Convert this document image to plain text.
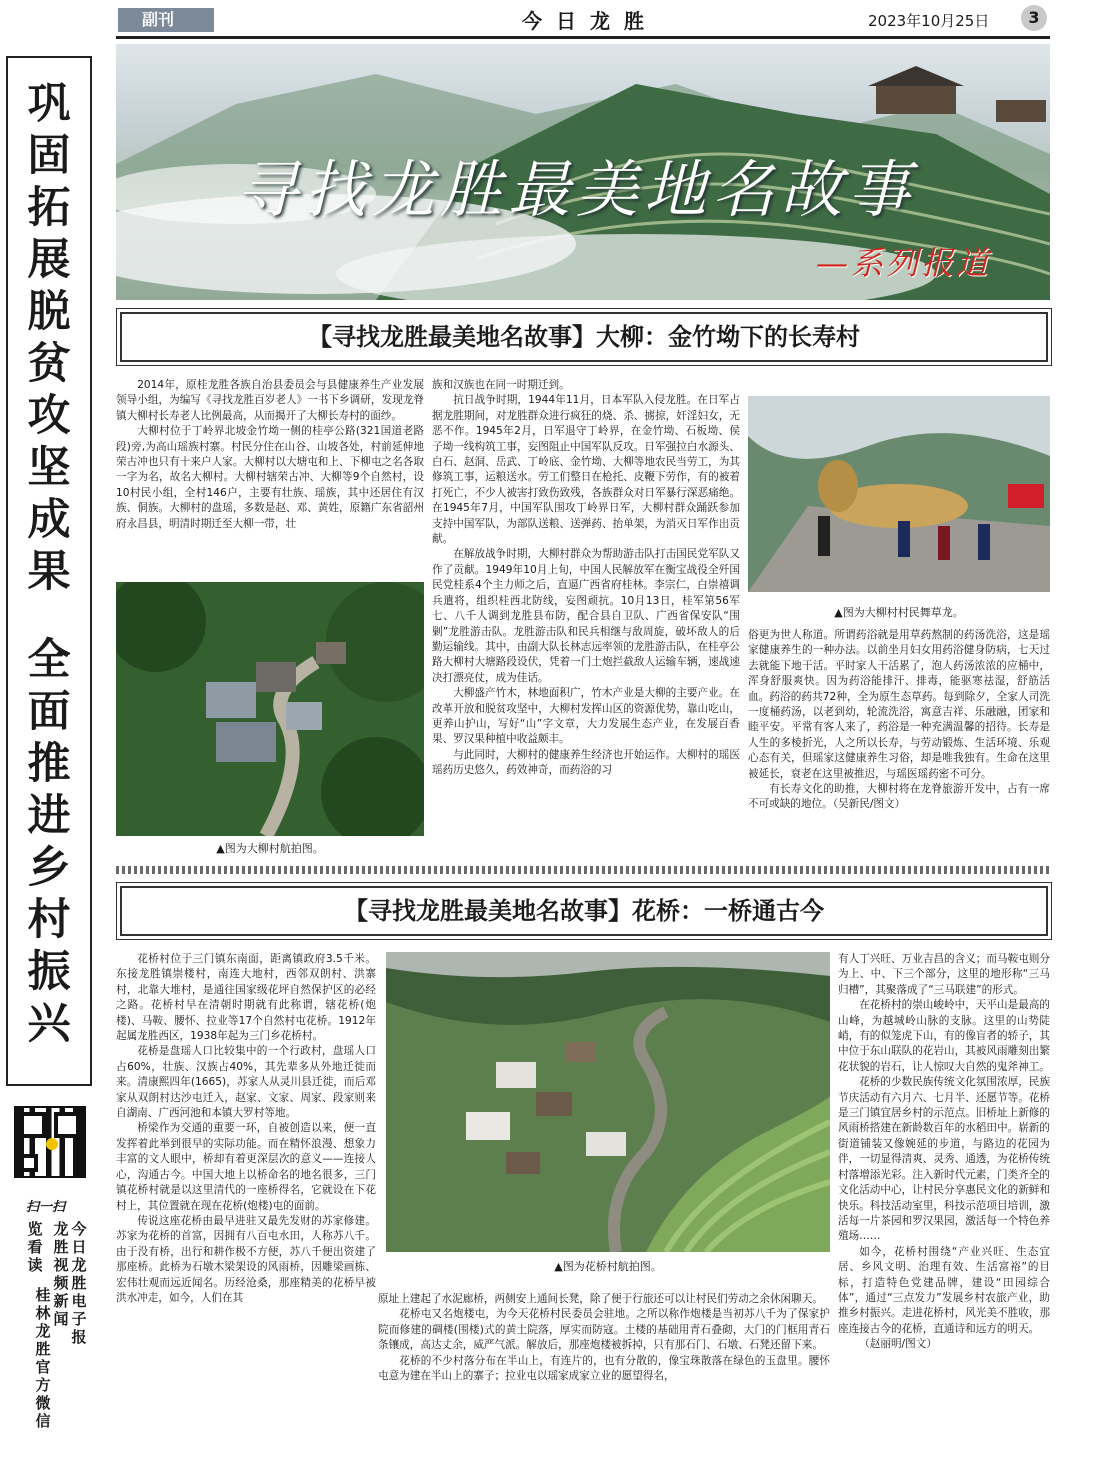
副刊	今日龙胜	2023年10月25日	3
巩
固
拓
展
脱
贫
攻
坚
成
果
全
面
推
进
乡
村
振
兴
扫一扫
览看读
今日龙胜电子报
龙胜视频新闻
桂林龙胜官方微信
寻找龙胜最美地名故事
—系列报道
【寻找龙胜最美地名故事】大柳：金竹坳下的长寿村

2014年，原桂龙胜各族自治县委员会与县健康养生产业发展领导小组，为编写《寻找龙胜百岁老人》一书下乡调研，发现龙脊镇大柳村长寿老人比例最高，从而揭开了大柳长寿村的面纱。

大柳村位于丁岭界北坡金竹坳一侧的桂亭公路(321国道老路段)旁,为高山瑶族村寨。村民分住在山谷、山坡各处，村前延伸地荣古冲也只有十来户人家。大柳村以大塘屯和上、下柳屯之名各取一字为名，故名大柳村。大柳村辖荣古冲、大柳等9个自然村，设10村民小组，全村146户，主要有壮族、瑶族，其中还居住有汉族、侗族。大柳村的盘瑶，多数是赵、邓、黄姓，原籍广东省韶州府永昌县，明清时期迁至大柳一带，壮

▲图为大柳村航拍图。

族和汉族也在同一时期迁到。

抗日战争时期，1944年11月，日本军队入侵龙胜。在日军占据龙胜期间，对龙胜群众进行疯狂的烧、杀、掳掠，奸淫妇女，无恶不作。1945年2月，日军退守丁岭界，在金竹坳、石板坳、侯子坳一线构筑工事，妄图阻止中国军队反攻。日军强拉白水源头、白石、赵洞、岳武、丁岭底、金竹坳、大柳等地农民当劳工，为其修筑工事，运粮送水。劳工们整日在枪托、皮鞭下劳作，有的被着打死亡，不少人被害打致伤致残，各族群众对日军暴行深恶痛绝。在1945年7月，中国军队围攻丁岭界日军，大柳村群众踊跃参加支持中国军队，为部队送粮、送弹药、抬单架，为消灭日军作出贡献。

在解放战争时期，大柳村群众为帮助游击队打击国民党军队又作了贡献。1949年10月上旬，中国人民解放军在衡宝战役全歼国民党桂系4个主力师之后，直逼广西省府桂林。李宗仁，白崇禧调兵遣将，组织桂西北防线，妄图顽抗。10月13日，桂军第56军七、八千人调到龙胜县布防，配合县自卫队、广西省保安队“围剿”龙胜游击队。龙胜游击队和民兵相继与敌周旋，破坏敌人的后勤运输线。其中，由副大队长林志远率领的龙胜游击队，在桂亭公路大柳村大塘路段设伏，凭着一门土炮拦截敌人运输车辆，速战速决打漂亮仗，成为佳话。

大柳盛产竹木，林地面积广，竹木产业是大柳的主要产业。在改革开放和脱贫攻坚中，大柳村发挥山区的资源优势，靠山吃山，更养山护山，写好“山”字文章，大力发展生态产业，在发展百香果、罗汉果种植中收益颇丰。

与此同时，大柳村的健康养生经济也开始运作。大柳村的瑶医瑶药历史悠久，药效神奇，而药浴的习

▲图为大柳村村民舞草龙。

俗更为世人称道。所谓药浴就是用草药熬制的药汤洗浴，这是瑶家健康养生的一种办法。以前坐月妇女用药浴健身防病，七天过去就能下地干活。平时家人干活累了，泡人药汤浓浓的应桶中，浑身舒服爽快。因为药浴能排汗、排毒，能驱寒祛湿，舒筋活血。药浴的药共72种，全为原生态草药。每到除夕，全家人司洗一度桶药汤，以老到幼，轮流洗浴，寓意吉祥、乐融融，团家和睦平安。平常有客人来了，药浴是一种充满温馨的招待。长寿是人生的多棱折光，人之所以长寿，与劳动锻炼、生活环境、乐观心态有关，但瑶家这健康养生习俗，却是唯我独有。生命在这里被延长，衰老在这里被推迟，与瑶医瑶药密不可分。

有长寿文化的助推，大柳村将在龙脊旅游开发中，占有一席不可或缺的地位。（吴新民/图文）

【寻找龙胜最美地名故事】花桥：一桥通古今

花桥村位于三门镇东南面，距离镇政府3.5千米。东接龙胜镇崇楼村，南连大地村，西邻双朗村、洪寨村，北靠大堆村，是通往国家级花坪自然保护区的必经之路。花桥村早在清朝时期就有此称谓，辖花桥(炮楼)、马鞍、腰怀、拉业等17个自然村屯花桥。1912年起属龙胜西区，1938年起为三门乡花桥村。

花桥是盘瑶人口比较集中的一个行政村，盘瑶人口占60%，壮族、汉族占40%，其先辈多从外地迁徙而来。清康熙四年(1665)，苏家人从灵川县迁徙，而后邓家从双朗村达沙屯迁入，赵家、文家、周家、段家则来自湖南、广西河池和本镇大罗村等地。

桥梁作为交通的重要一环，自被创造以来，便一直发挥着此举到很早的实际功能。而在精怀浪漫、想象力丰富的文人眼中，桥却有着更深层次的意义——连接人心，沟通古今。中国大地上以桥命名的地名很多，三门镇花桥村就是以这里清代的一座桥得名，它就设在下花村上，其位置就在现在花桥(炮楼)屯的面前。

传说这座花桥由最早进驻又最先发财的苏家修建。苏家为花桥的首富，因拥有八百屯水田，人称苏八千。由于没有桥，出行和耕作极不方便，苏八千便出资建了那座桥。此桥为石墩木梁架设的风雨桥，因雕梁画栋、宏伟壮观而远近闻名。历经沧桑，那座精美的花桥早被洪水冲走，如今，人们在其

▲图为花桥村航拍图。

原址上建起了水泥廊桥，两侧安上通间长凳，除了便于行旅还可以让村民们劳动之余休闲聊天。

花桥屯又名炮楼屯，为今天花桥村民委员会驻地。之所以称作炮楼是当初苏八千为了保家护院而修建的碉楼(围楼)式的黄土院落，厚实而防寇。土楼的基础用青石叠砌，大门的门框用青石条镶成，高达丈余，威严气派。解放后，那座炮楼被拆掉，只有那石门、石墩、石凳还留下来。

花桥的不少村落分布在半山上，有连片的，也有分散的，像宝珠散落在绿色的玉盘里。腰怀屯意为建在半山上的寨子；拉业屯以瑶家成家立业的愿望得名，

有人丁兴旺、万业吉昌的含义；而马鞍屯则分为上、中、下三个部分，这里的地形称“三马归槽”，其聚落成了“三马联建”的形式。

在花桥村的崇山峻岭中，天平山是最高的山峰，为越城岭山脉的支脉。这里的山势陡峭，有的似笼虎下山，有的像盲者的轿子，其中位于东山联队的花岩山，其被风雨雕刻出繁花状貌的岩石，让人惊叹大自然的鬼斧神工。

花桥的少数民族传统文化氛围浓厚，民族节庆活动有六月六、七月半、还愿节等。花桥是三门镇宜居乡村的示范点。旧桥址上新修的风雨桥搭建在新龄数百年的水稻田中。崭新的街道铺装又像婉延的步道，与路边的花园为伴，一切显得清爽、灵秀、通透，为花桥传统村落增添光彩。注入新时代元素，门类齐全的文化活动中心，让村民分享惠民文化的新鲜和快乐。科技活动室里，科技示范项目培训，激活每一片茶园和罗汉果园，激活每一个特色养殖场……

如今，花桥村围绕“产业兴旺、生态宜居、乡风文明、治理有效、生活富裕”的目标，打造特色党建品牌，建设“田园综合体”，通过“三点发力”发展乡村农旅产业，助推乡村振兴。走进花桥村，风光美不胜收，那座连接古今的花桥，直通诗和远方的明天。

（赵丽明/图文）
